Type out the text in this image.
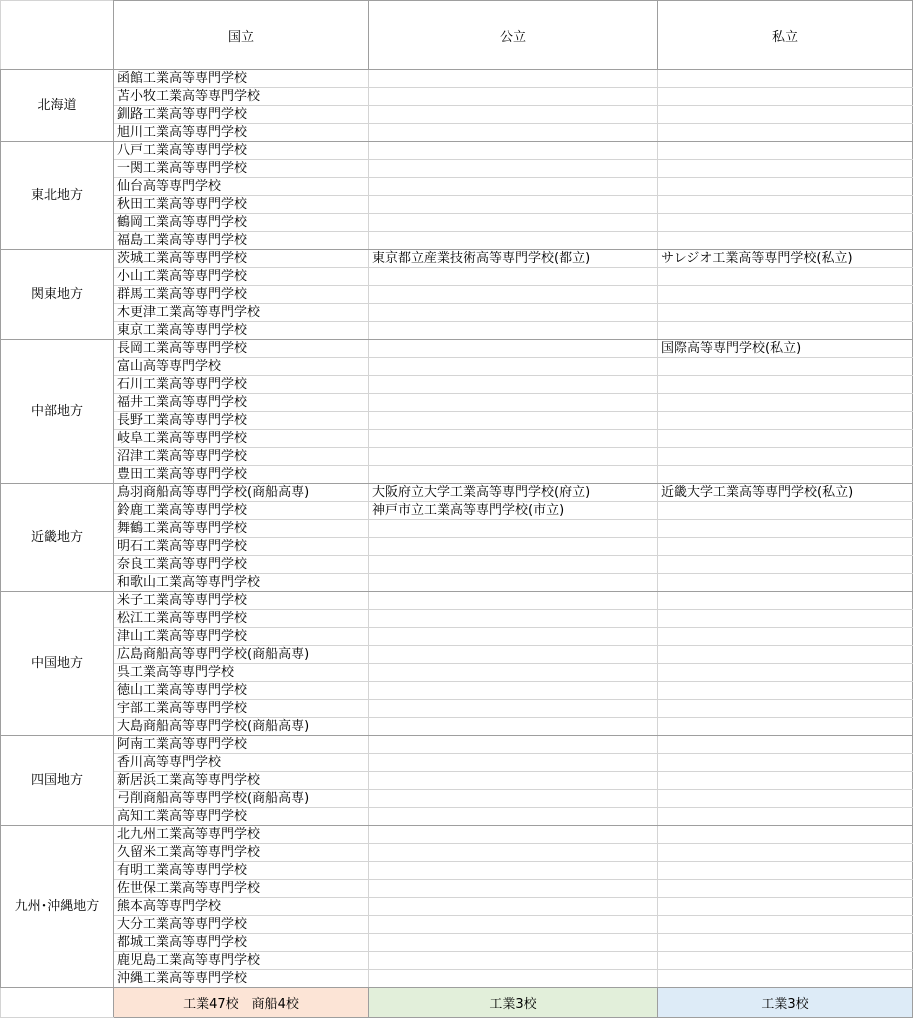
	国立	公立	私立
北海道	函館工業高等専門学校		
	苫小牧工業高等専門学校		
	釧路工業高等専門学校		
	旭川工業高等専門学校		
東北地方	八戸工業高等専門学校		
	一関工業高等専門学校		
	仙台高等専門学校		
	秋田工業高等専門学校		
	鶴岡工業高等専門学校		
	福島工業高等専門学校		
関東地方	茨城工業高等専門学校	東京都立産業技術高等専門学校(都立)	サレジオ工業高等専門学校(私立)
	小山工業高等専門学校		
	群馬工業高等専門学校		
	木更津工業高等専門学校		
	東京工業高等専門学校		
中部地方	長岡工業高等専門学校		国際高等専門学校(私立)
	富山高等専門学校		
	石川工業高等専門学校		
	福井工業高等専門学校		
	長野工業高等専門学校		
	岐阜工業高等専門学校		
	沼津工業高等専門学校		
	豊田工業高等専門学校		
近畿地方	鳥羽商船高等専門学校(商船高専)	大阪府立大学工業高等専門学校(府立)	近畿大学工業高等専門学校(私立)
	鈴鹿工業高等専門学校	神戸市立工業高等専門学校(市立)	
	舞鶴工業高等専門学校		
	明石工業高等専門学校		
	奈良工業高等専門学校		
	和歌山工業高等専門学校		
中国地方	米子工業高等専門学校		
	松江工業高等専門学校		
	津山工業高等専門学校		
	広島商船高等専門学校(商船高専)		
	呉工業高等専門学校		
	徳山工業高等専門学校		
	宇部工業高等専門学校		
	大島商船高等専門学校(商船高専)		
四国地方	阿南工業高等専門学校		
	香川高等専門学校		
	新居浜工業高等専門学校		
	弓削商船高等専門学校(商船高専)		
	高知工業高等専門学校		
九州･沖縄地方	北九州工業高等専門学校		
	久留米工業高等専門学校		
	有明工業高等専門学校		
	佐世保工業高等専門学校		
	熊本高等専門学校		
	大分工業高等専門学校		
	都城工業高等専門学校		
	鹿児島工業高等専門学校		
	沖縄工業高等専門学校		
	工業47校　商船4校	工業3校	工業3校
